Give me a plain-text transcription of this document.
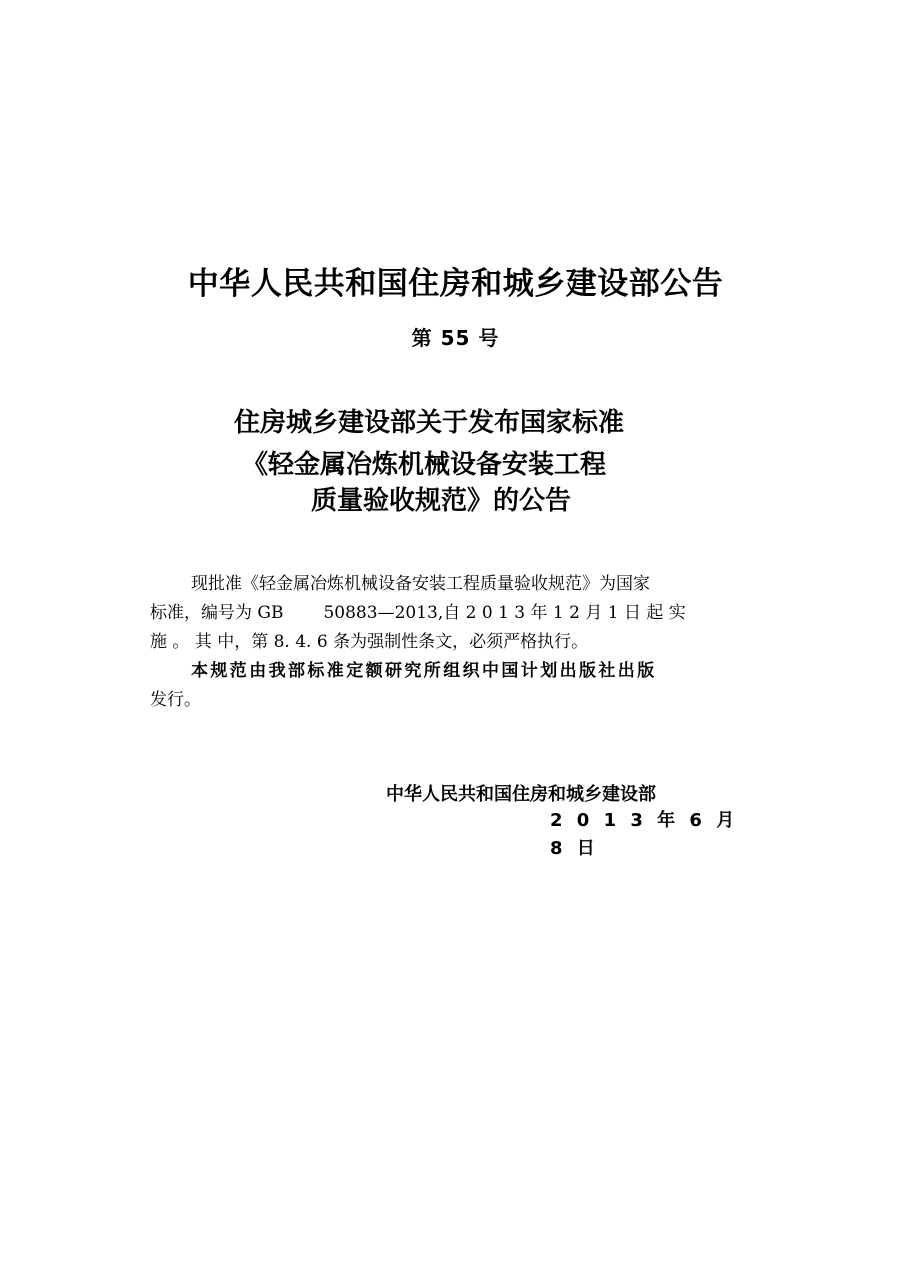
中华人民共和国住房和城乡建设部公告
第 55 号
住房城乡建设部关于发布国家标准
《轻金属冶炼机械设备安装工程
质量验收规范》的公告
现批准《轻金属冶炼机械设备安装工程质量验收规范》为国家
标准，编号为 GB 50883—2013,自 2 0 1 3 年 1 2 月 1 日 起 实
施 。 其 中，第 8. 4. 6 条为强制性条文，必须严格执行。
本规范由我部标准定额研究所组织中国计划出版社出版
发行。
中华人民共和国住房和城乡建设部
2 0 1 3 年 6 月
8 日
